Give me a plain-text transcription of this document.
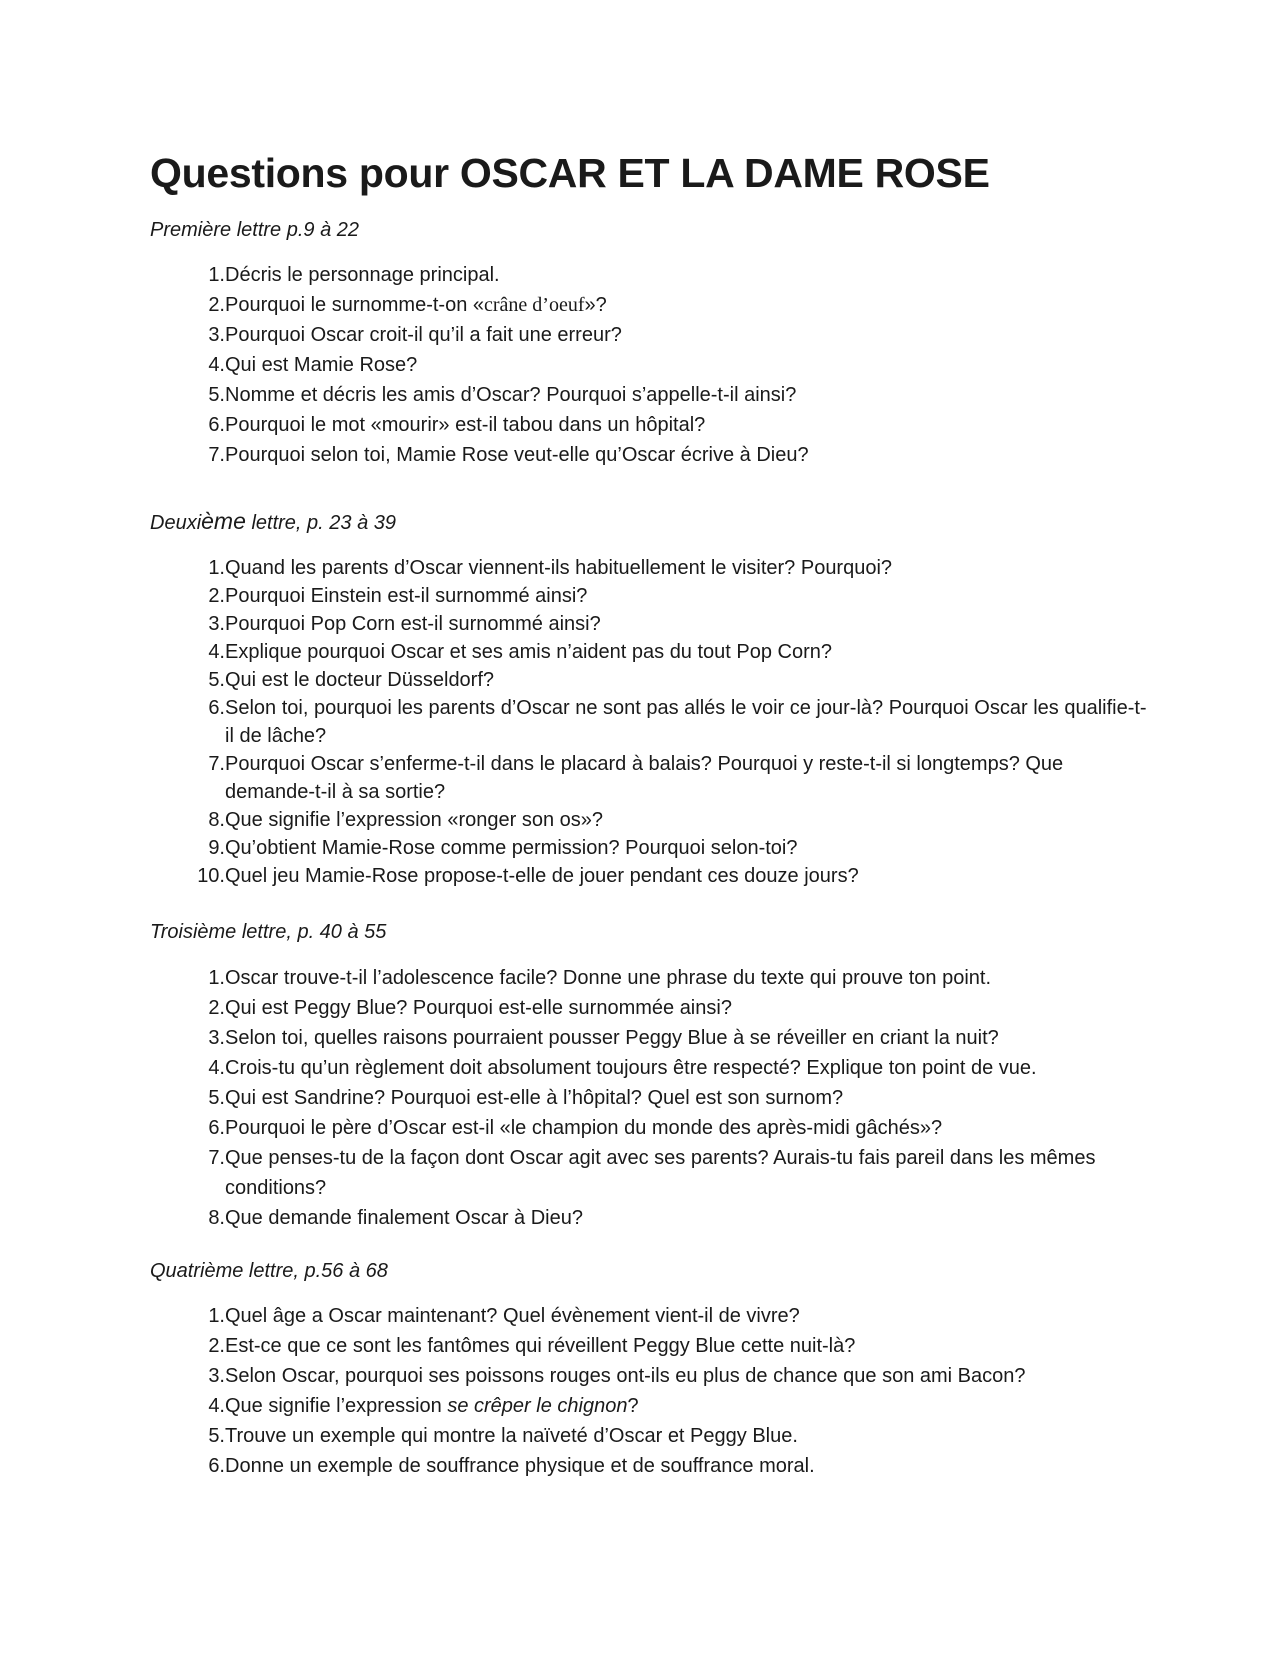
Questions pour OSCAR ET LA DAME ROSE
Première lettre p.9 à 22
1. Décris le personnage principal.
2. Pourquoi le surnomme-t-on «crâne d’oeuf»?
3. Pourquoi Oscar croit-il qu’il a fait une erreur?
4. Qui est Mamie Rose?
5. Nomme et décris les amis d’Oscar? Pourquoi s’appelle-t-il ainsi?
6. Pourquoi le mot «mourir» est-il tabou dans un hôpital?
7. Pourquoi selon toi, Mamie Rose veut-elle qu’Oscar écrive à Dieu?
Deuxième lettre, p. 23 à 39
1. Quand les parents d’Oscar viennent-ils habituellement le visiter? Pourquoi?
2. Pourquoi Einstein est-il surnommé ainsi?
3. Pourquoi Pop Corn est-il surnommé ainsi?
4. Explique pourquoi Oscar et ses amis n’aident pas du tout Pop Corn?
5. Qui est le docteur Düsseldorf?
6. Selon toi, pourquoi les parents d’Oscar ne sont pas allés le voir ce jour-là? Pourquoi Oscar les qualifie-t-il de lâche?
7. Pourquoi Oscar s’enferme-t-il dans le placard à balais? Pourquoi y reste-t-il si longtemps? Que demande-t-il à sa sortie?
8. Que signifie l’expression «ronger son os»?
9. Qu’obtient Mamie-Rose comme permission? Pourquoi selon-toi?
10. Quel jeu Mamie-Rose propose-t-elle de jouer pendant ces douze jours?
Troisième lettre, p. 40 à 55
1. Oscar trouve-t-il l’adolescence facile? Donne une phrase du texte qui prouve ton point.
2. Qui est Peggy Blue? Pourquoi est-elle surnommée ainsi?
3. Selon toi, quelles raisons pourraient pousser Peggy Blue à se réveiller en criant la nuit?
4. Crois-tu qu’un règlement doit absolument toujours être respecté? Explique ton point de vue.
5. Qui est Sandrine? Pourquoi est-elle à l’hôpital? Quel est son surnom?
6. Pourquoi le père d’Oscar est-il «le champion du monde des après-midi gâchés»?
7. Que penses-tu de la façon dont Oscar agit avec ses parents? Aurais-tu fais pareil dans les mêmes conditions?
8. Que demande finalement Oscar à Dieu?
Quatrième lettre, p.56 à 68
1. Quel âge a Oscar maintenant? Quel évènement vient-il de vivre?
2. Est-ce que ce sont les fantômes qui réveillent Peggy Blue cette nuit-là?
3. Selon Oscar, pourquoi ses poissons rouges ont-ils eu plus de chance que son ami Bacon?
4. Que signifie l’expression se crêper le chignon?
5. Trouve un exemple qui montre la naïveté d’Oscar et Peggy Blue.
6. Donne un exemple de souffrance physique et de souffrance moral.
